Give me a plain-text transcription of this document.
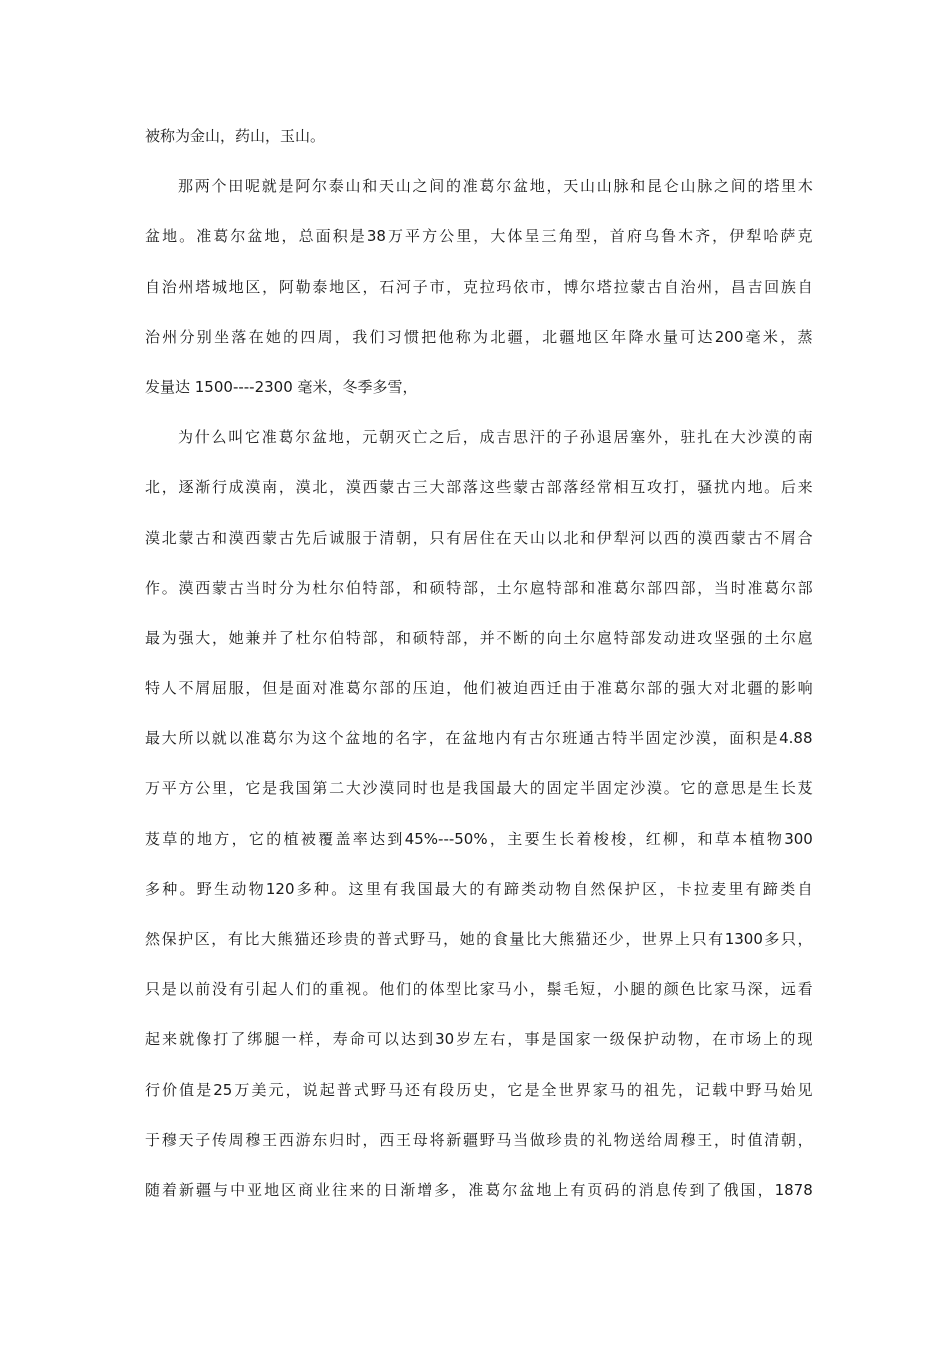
被称为金山，药山，玉山。
那 两 个 田 呢 就 是 阿 尔 泰 山 和 天 山 之 间 的 准 葛 尔 盆 地 ， 天 山 山 脉 和 昆 仑 山 脉 之 间 的 塔 里 木
盆 地 。 准 葛 尔 盆 地 ， 总 面 积 是 38 万 平 方 公 里 ， 大 体 呈 三 角 型 ， 首 府 乌 鲁 木 齐 ， 伊 犁 哈 萨 克
自 治 州 塔 城 地 区 ， 阿 勒 泰 地 区 ， 石 河 子 市 ， 克 拉 玛 依 市 ， 博 尔 塔 拉 蒙 古 自 治 州 ， 昌 吉 回 族 自
治 州 分 别 坐 落 在 她 的 四 周 ， 我 们 习 惯 把 他 称 为 北 疆 ， 北 疆 地 区 年 降 水 量 可 达 200 毫 米 ， 蒸
发量达 1500----2300 毫米，冬季多雪，
为 什 么 叫 它 准 葛 尔 盆 地 ， 元 朝 灭 亡 之 后 ， 成 吉 思 汗 的 子 孙 退 居 塞 外 ， 驻 扎 在 大 沙 漠 的 南
北 ， 逐 渐 行 成 漠 南 ， 漠 北 ， 漠 西 蒙 古 三 大 部 落 这 些 蒙 古 部 落 经 常 相 互 攻 打 ， 骚 扰 内 地 。 后 来
漠 北 蒙 古 和 漠 西 蒙 古 先 后 诚 服 于 清 朝 ， 只 有 居 住 在 天 山 以 北 和 伊 犁 河 以 西 的 漠 西 蒙 古 不 屑 合
作 。 漠 西 蒙 古 当 时 分 为 杜 尔 伯 特 部 ， 和 硕 特 部 ， 土 尔 扈 特 部 和 准 葛 尔 部 四 部 ， 当 时 准 葛 尔 部
最 为 强 大 ， 她 兼 并 了 杜 尔 伯 特 部 ， 和 硕 特 部 ， 并 不 断 的 向 土 尔 扈 特 部 发 动 进 攻 坚 强 的 土 尔 扈
特 人 不 屑 屈 服 ， 但 是 面 对 准 葛 尔 部 的 压 迫 ， 他 们 被 迫 西 迁 由 于 准 葛 尔 部 的 强 大 对 北 疆 的 影 响
最 大 所 以 就 以 准 葛 尔 为 这 个 盆 地 的 名 字 ， 在 盆 地 内 有 古 尔 班 通 古 特 半 固 定 沙 漠 ， 面 积 是 4.88
万 平 方 公 里 ， 它 是 我 国 第 二 大 沙 漠 同 时 也 是 我 国 最 大 的 固 定 半 固 定 沙 漠 。 它 的 意 思 是 生 长 芨
芨 草 的 地 方 ， 它 的 植 被 覆 盖 率 达 到 45%---50% ， 主 要 生 长 着 梭 梭 ， 红 柳 ， 和 草 本 植 物 300
多 种 。 野 生 动 物 120 多 种 。 这 里 有 我 国 最 大 的 有 蹄 类 动 物 自 然 保 护 区 ， 卡 拉 麦 里 有 蹄 类 自
然 保 护 区 ， 有 比 大 熊 猫 还 珍 贵 的 普 式 野 马 ， 她 的 食 量 比 大 熊 猫 还 少 ， 世 界 上 只 有 1300 多 只 ，
只 是 以 前 没 有 引 起 人 们 的 重 视 。 他 们 的 体 型 比 家 马 小 ， 鬃 毛 短 ， 小 腿 的 颜 色 比 家 马 深 ， 远 看
起 来 就 像 打 了 绑 腿 一 样 ， 寿 命 可 以 达 到 30 岁 左 右 ， 事 是 国 家 一 级 保 护 动 物 ， 在 市 场 上 的 现
行 价 值 是 25 万 美 元 ， 说 起 普 式 野 马 还 有 段 历 史 ， 它 是 全 世 界 家 马 的 祖 先 ， 记 载 中 野 马 始 见
于 穆 天 子 传 周 穆 王 西 游 东 归 时 ， 西 王 母 将 新 疆 野 马 当 做 珍 贵 的 礼 物 送 给 周 穆 王 ， 时 值 清 朝 ，
随 着 新 疆 与 中 亚 地 区 商 业 往 来 的 日 渐 增 多 ， 准 葛 尔 盆 地 上 有 页 码 的 消 息 传 到 了 俄 国 ， 1878
